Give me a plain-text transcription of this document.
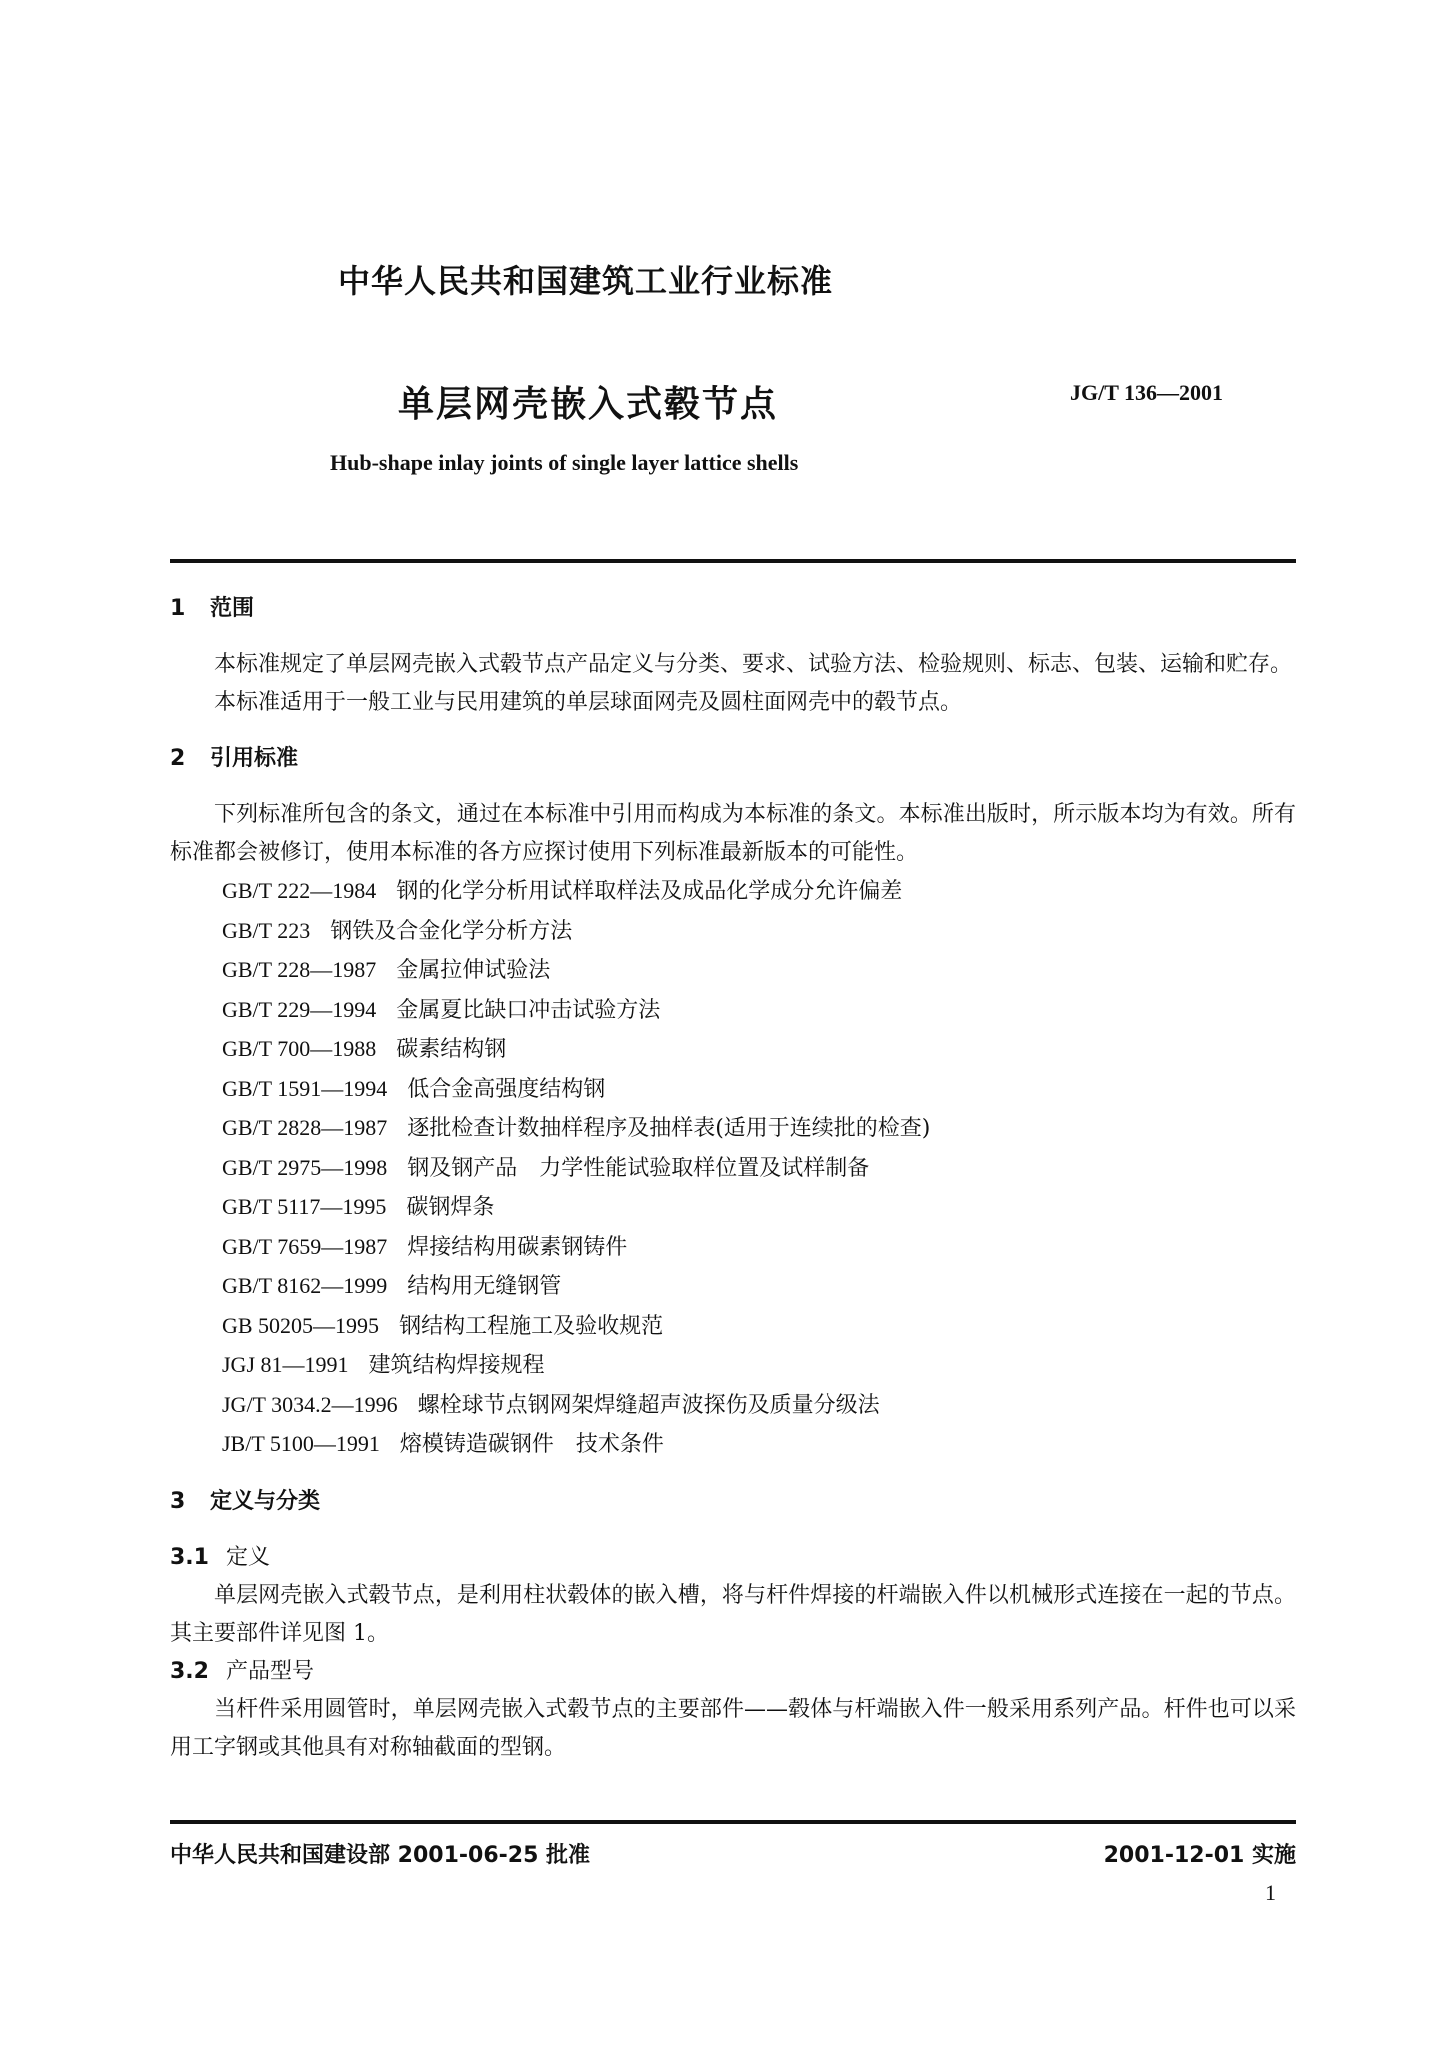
中华人民共和国建筑工业行业标准
单层网壳嵌入式毂节点	JG/T 136—2001
Hub-shape inlay joints of single layer lattice shells

1 范围

本标准规定了单层网壳嵌入式毂节点产品定义与分类、要求、试验方法、检验规则、标志、包装、运输和贮存。

本标准适用于一般工业与民用建筑的单层球面网壳及圆柱面网壳中的毂节点。

2 引用标准

下列标准所包含的条文，通过在本标准中引用而构成为本标准的条文。本标准出版时，所示版本均为有效。所有标准都会被修订，使用本标准的各方应探讨使用下列标准最新版本的可能性。

GB/T 222—1984 钢的化学分析用试样取样法及成品化学成分允许偏差
GB/T 223 钢铁及合金化学分析方法
GB/T 228—1987 金属拉伸试验法
GB/T 229—1994 金属夏比缺口冲击试验方法
GB/T 700—1988 碳素结构钢
GB/T 1591—1994 低合金高强度结构钢
GB/T 2828—1987 逐批检查计数抽样程序及抽样表(适用于连续批的检查)
GB/T 2975—1998 钢及钢产品　力学性能试验取样位置及试样制备
GB/T 5117—1995 碳钢焊条
GB/T 7659—1987 焊接结构用碳素钢铸件
GB/T 8162—1999 结构用无缝钢管
GB 50205—1995 钢结构工程施工及验收规范
JGJ 81—1991 建筑结构焊接规程
JG/T 3034.2—1996 螺栓球节点钢网架焊缝超声波探伤及质量分级法
JB/T 5100—1991 熔模铸造碳钢件　技术条件

3 定义与分类

3.1 定义

单层网壳嵌入式毂节点，是利用柱状毂体的嵌入槽，将与杆件焊接的杆端嵌入件以机械形式连接在一起的节点。其主要部件详见图 1。

3.2 产品型号

当杆件采用圆管时，单层网壳嵌入式毂节点的主要部件——毂体与杆端嵌入件一般采用系列产品。杆件也可以采用工字钢或其他具有对称轴截面的型钢。

中华人民共和国建设部 2001-06-25 批准	2001-12-01 实施
1
